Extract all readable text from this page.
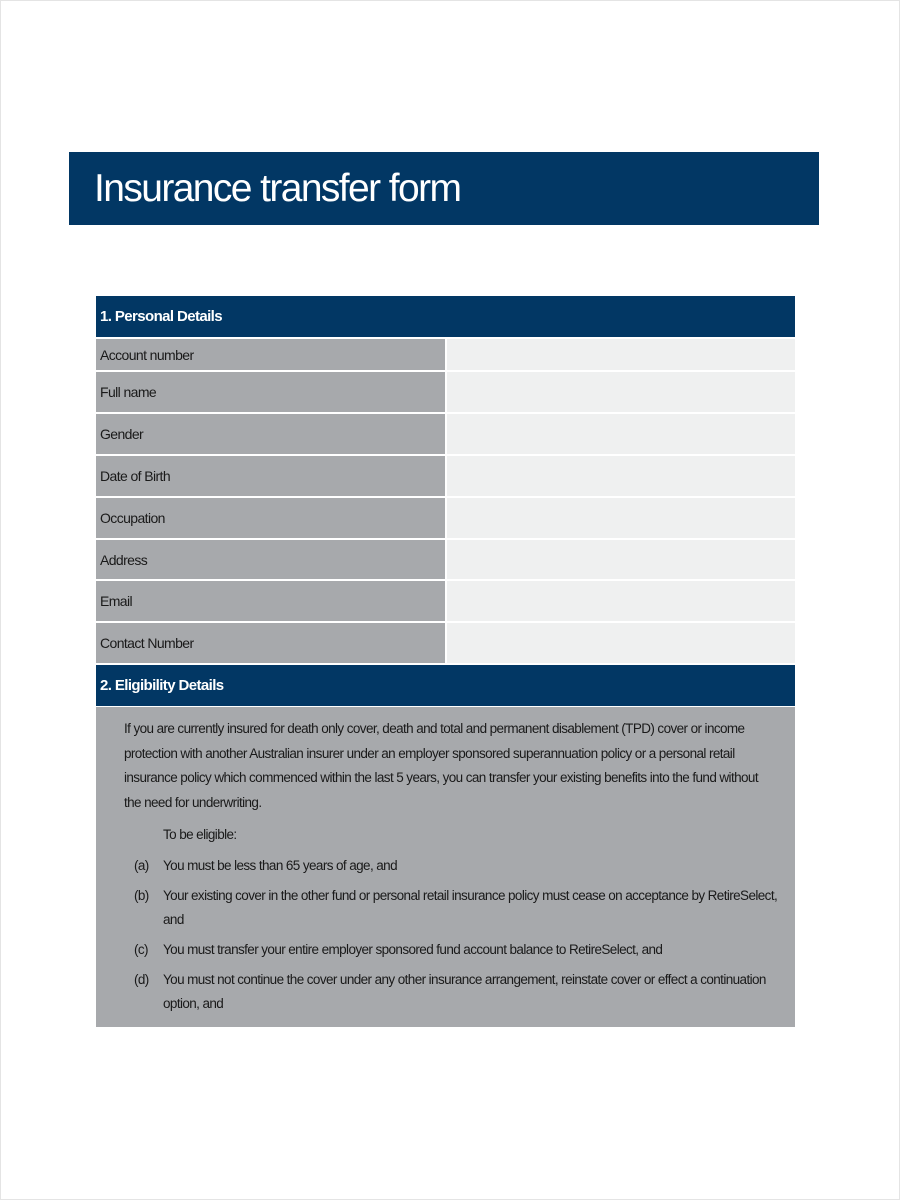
Insurance transfer form
1. Personal Details
Account number
Full name
Gender
Date of Birth
Occupation
Address
Email
Contact Number
2. Eligibility Details

If you are currently insured for death only cover, death and total and permanent disablement (TPD) cover or income protection with another Australian insurer under an employer sponsored superannuation policy or a personal retail insurance policy which commenced within the last 5 years, you can transfer your existing benefits into the fund without the need for underwriting.

To be eligible:
(a)	You must be less than 65 years of age, and
(b)	Your existing cover in the other fund or personal retail insurance policy must cease on acceptance by RetireSelect, and
(c)	You must transfer your entire employer sponsored fund account balance to RetireSelect, and
(d)	You must not continue the cover under any other insurance arrangement, reinstate cover or effect a continuation option, and
